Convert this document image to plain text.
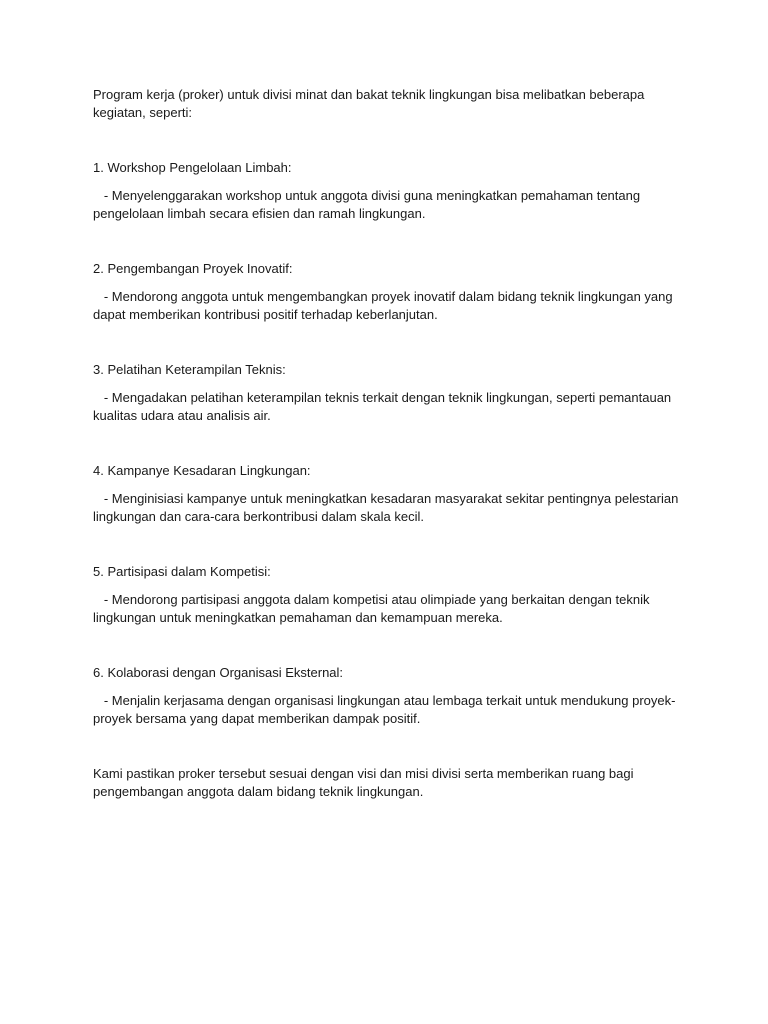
Program kerja (proker) untuk divisi minat dan bakat teknik lingkungan bisa melibatkan beberapa kegiatan, seperti:

1. Workshop Pengelolaan Limbah:

- Menyelenggarakan workshop untuk anggota divisi guna meningkatkan pemahaman tentang pengelolaan limbah secara efisien dan ramah lingkungan.

2. Pengembangan Proyek Inovatif:

- Mendorong anggota untuk mengembangkan proyek inovatif dalam bidang teknik lingkungan yang dapat memberikan kontribusi positif terhadap keberlanjutan.

3. Pelatihan Keterampilan Teknis:

- Mengadakan pelatihan keterampilan teknis terkait dengan teknik lingkungan, seperti pemantauan kualitas udara atau analisis air.

4. Kampanye Kesadaran Lingkungan:

- Menginisiasi kampanye untuk meningkatkan kesadaran masyarakat sekitar pentingnya pelestarian lingkungan dan cara-cara berkontribusi dalam skala kecil.

5. Partisipasi dalam Kompetisi:

- Mendorong partisipasi anggota dalam kompetisi atau olimpiade yang berkaitan dengan teknik lingkungan untuk meningkatkan pemahaman dan kemampuan mereka.

6. Kolaborasi dengan Organisasi Eksternal:

- Menjalin kerjasama dengan organisasi lingkungan atau lembaga terkait untuk mendukung proyek-proyek bersama yang dapat memberikan dampak positif.

Kami pastikan proker tersebut sesuai dengan visi dan misi divisi serta memberikan ruang bagi pengembangan anggota dalam bidang teknik lingkungan.
